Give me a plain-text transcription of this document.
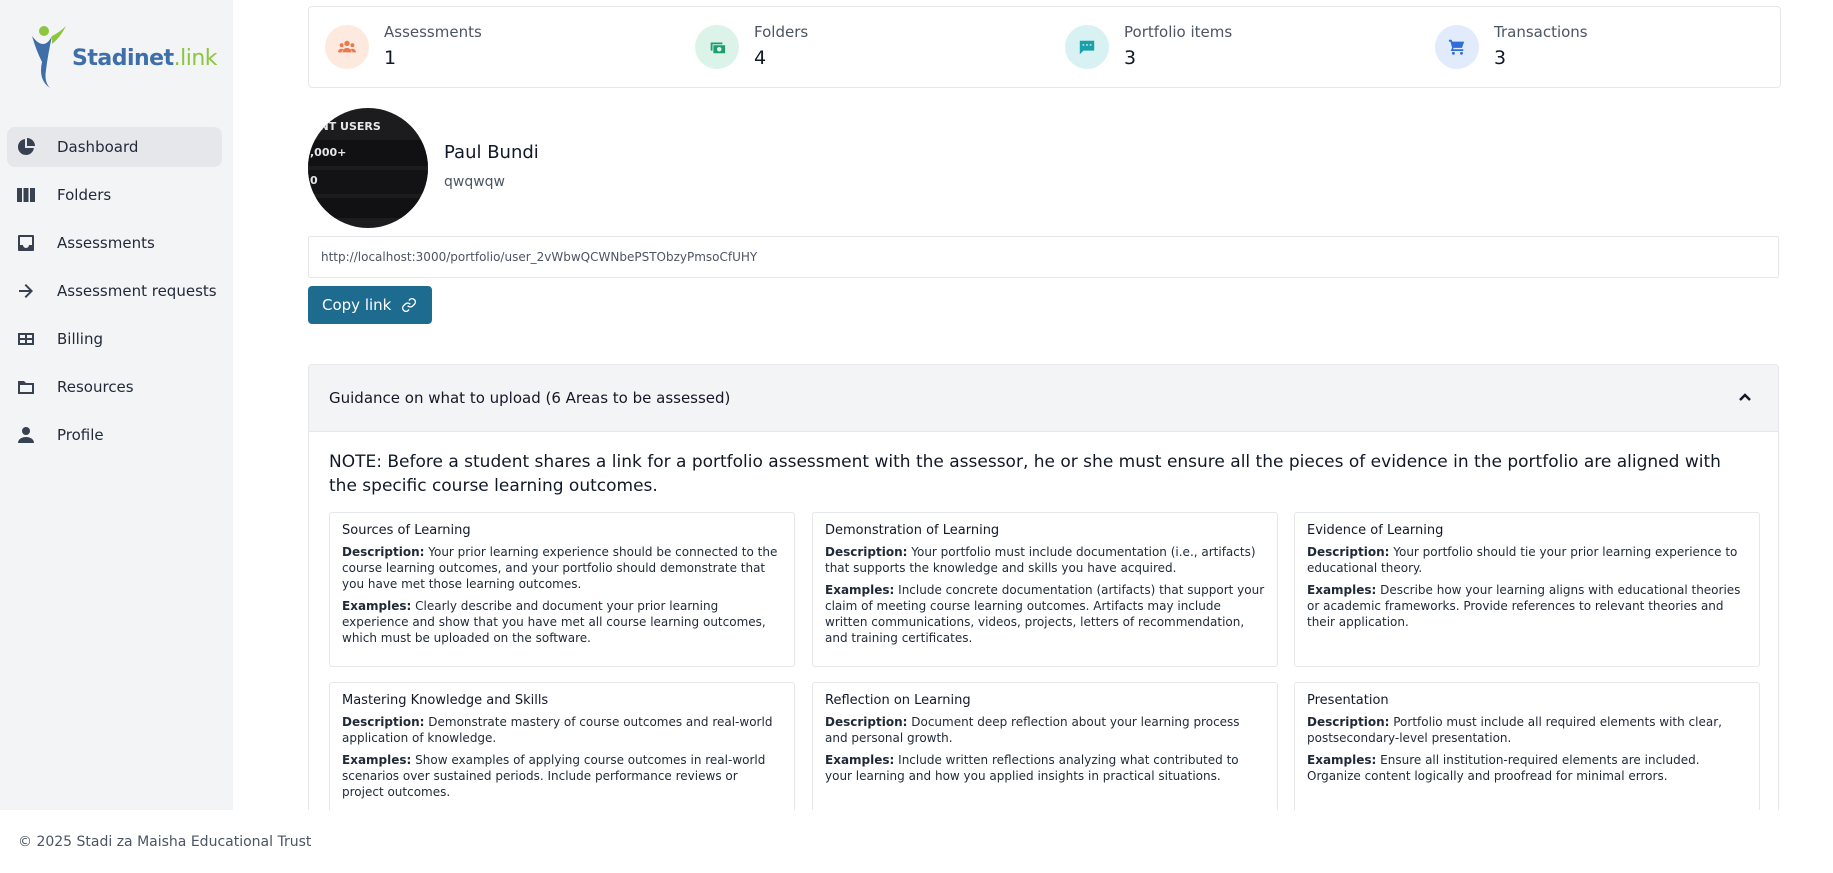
Stadinet.link
Dashboard
Folders
Assessments
Assessment requests
Billing
Resources
Profile
Assessments
1
Folders
4
Portfolio items
3
Transactions
3
ENT USERS
,000+
0
Paul Bundi
qwqwqw
http://localhost:3000/portfolio/user_2vWbwQCWNbePSTObzyPmsoCfUHY
Copy link
Guidance on what to upload (6 Areas to be assessed)
NOTE: Before a student shares a link for a portfolio assessment with the assessor, he or she must ensure all the pieces of evidence in the portfolio are aligned with the specific course learning outcomes.
Sources of Learning

Description: Your prior learning experience should be connected to the course learning outcomes, and your portfolio should demonstrate that you have met those learning outcomes.

Examples: Clearly describe and document your prior learning experience and show that you have met all course learning outcomes, which must be uploaded on the software.

Demonstration of Learning

Description: Your portfolio must include documentation (i.e., artifacts) that supports the knowledge and skills you have acquired.

Examples: Include concrete documentation (artifacts) that support your claim of meeting course learning outcomes. Artifacts may include written communications, videos, projects, letters of recommendation, and training certificates.

Evidence of Learning

Description: Your portfolio should tie your prior learning experience to educational theory.

Examples: Describe how your learning aligns with educational theories or academic frameworks. Provide references to relevant theories and their application.

Mastering Knowledge and Skills

Description: Demonstrate mastery of course outcomes and real-world application of knowledge.

Examples: Show examples of applying course outcomes in real-world scenarios over sustained periods. Include performance reviews or project outcomes.

Reflection on Learning

Description: Document deep reflection about your learning process and personal growth.

Examples: Include written reflections analyzing what contributed to your learning and how you applied insights in practical situations.

Presentation

Description: Portfolio must include all required elements with clear, postsecondary-level presentation.

Examples: Ensure all institution-required elements are included. Organize content logically and proofread for minimal errors.

© 2025 Stadi za Maisha Educational Trust
